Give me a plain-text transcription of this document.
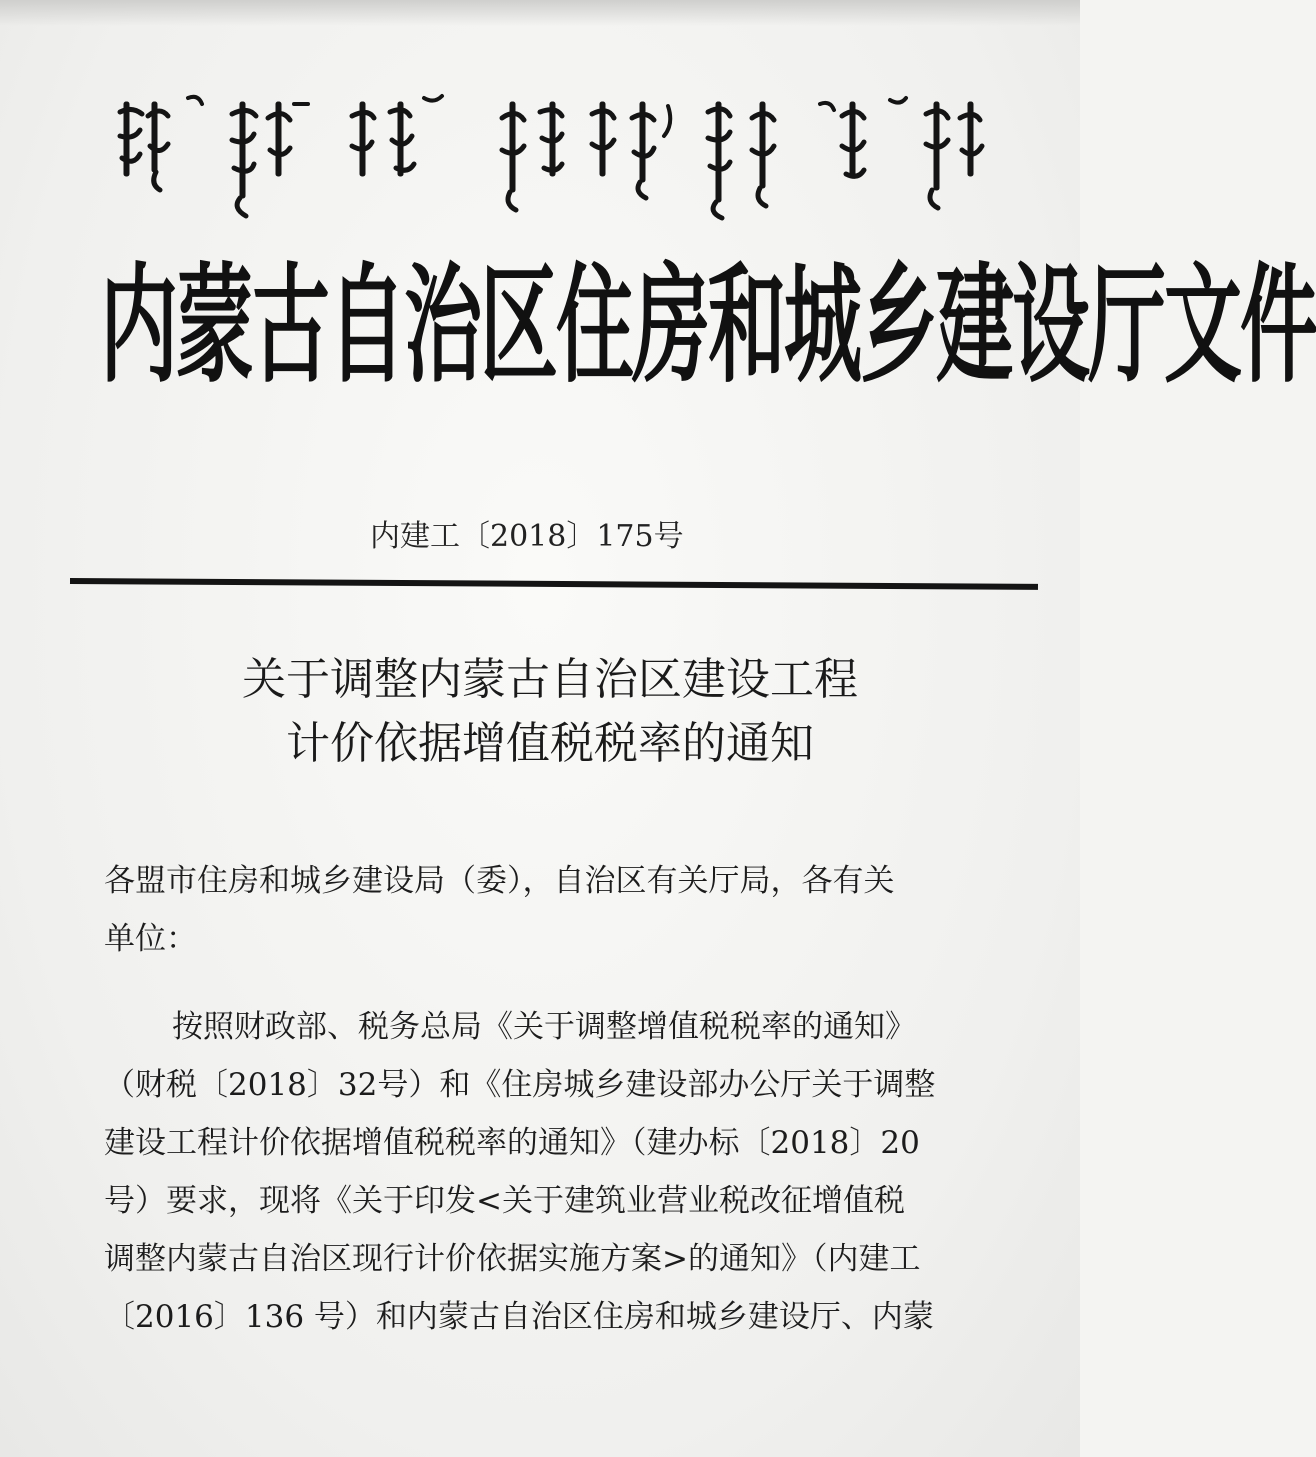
内蒙古自治区住房和城乡建设厅文件
内建工〔2018〕175号
关于调整内蒙古自治区建设工程
计价依据增值税税率的通知
各盟市住房和城乡建设局（委），自治区有关厅局，各有关
单位：
按照财政部、税务总局《关于调整增值税税率的通知》
（财税〔2018〕32号）和《住房城乡建设部办公厅关于调整
建设工程计价依据增值税税率的通知》（建办标〔2018〕20
号）要求，现将《关于印发<关于建筑业营业税改征增值税
调整内蒙古自治区现行计价依据实施方案>的通知》（内建工
〔2016〕136 号）和内蒙古自治区住房和城乡建设厅、内蒙
